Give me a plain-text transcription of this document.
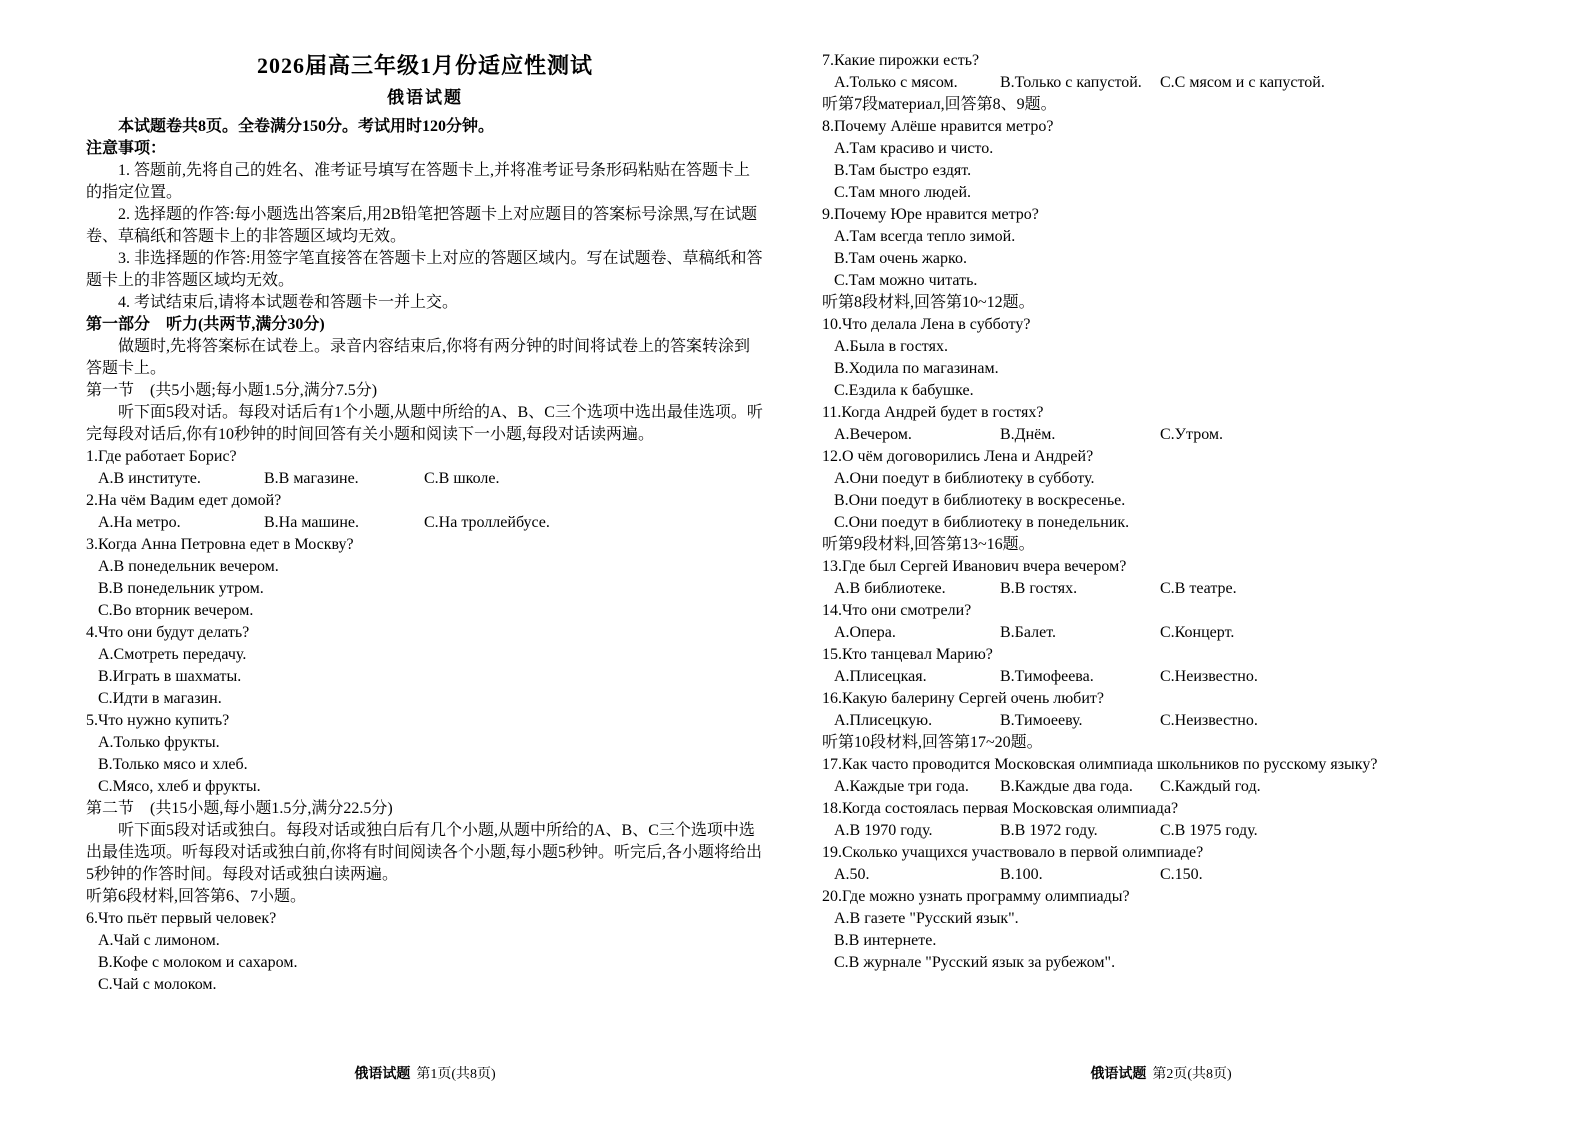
2026届高三年级1月份适应性测试
俄语试题
本试题卷共8页。全卷满分150分。考试用时120分钟。
注意事项：
1. 答题前,先将自己的姓名、准考证号填写在答题卡上,并将准考证号条形码粘贴在答题卡上的指定位置。
2. 选择题的作答:每小题选出答案后,用2B铅笔把答题卡上对应题目的答案标号涂黑,写在试题卷、草稿纸和答题卡上的非答题区域均无效。
3. 非选择题的作答:用签字笔直接答在答题卡上对应的答题区域内。写在试题卷、草稿纸和答题卡上的非答题区域均无效。
4. 考试结束后,请将本试题卷和答题卡一并上交。
第一部分　听力(共两节,满分30分)
做题时,先将答案标在试卷上。录音内容结束后,你将有两分钟的时间将试卷上的答案转涂到答题卡上。
第一节　(共5小题;每小题1.5分,满分7.5分)
听下面5段对话。每段对话后有1个小题,从题中所给的A、B、C三个选项中选出最佳选项。听完每段对话后,你有10秒钟的时间回答有关小题和阅读下一小题,每段对话读两遍。
1.Где работает Борис?
A.В институте.	B.В магазине.	C.В школе.
2.На чём Вадим едет домой?
A.На метро.	B.На машине.	C.На троллейбусе.
3.Когда Анна Петровна едет в Москву?
A.В понедельник вечером.
B.В понедельник утром.
C.Во вторник вечером.
4.Что они будут делать?
A.Смотреть передачу.
B.Играть в шахматы.
C.Идти в магазин.
5.Что нужно купить?
A.Только фрукты.
B.Только мясо и хлеб.
C.Мясо, хлеб и фрукты.
第二节　(共15小题,每小题1.5分,满分22.5分)
听下面5段对话或独白。每段对话或独白后有几个小题,从题中所给的A、B、C三个选项中选出最佳选项。听每段对话或独白前,你将有时间阅读各个小题,每小题5秒钟。听完后,各小题将给出5秒钟的作答时间。每段对话或独白读两遍。
听第6段材料,回答第6、7小题。
6.Что пьёт первый человек?
A.Чай с лимоном.
B.Кофе с молоком и сахаром.
C.Чай с молоком.
俄语试题 第1页(共8页)
7.Какие пирожки есть?
A.Только с мясом.	B.Только с капустой.	C.С мясом и с капустой.
听第7段материал,回答第8、9题。
8.Почему Алёше нравится метро?
A.Там красиво и чисто.
B.Там быстро ездят.
C.Там много людей.
9.Почему Юре нравится метро?
A.Там всегда тепло зимой.
B.Там очень жарко.
C.Там можно читать.
听第8段材料,回答第10~12题。
10.Что делала Лена в субботу?
A.Была в гостях.
B.Ходила по магазинам.
C.Ездила к бабушке.
11.Когда Андрей будет в гостях?
A.Вечером.	B.Днём.	C.Утром.
12.О чём договорились Лена и Андрей?
A.Они поедут в библиотеку в субботу.
B.Они поедут в библиотеку в воскресенье.
C.Они поедут в библиотеку в понедельник.
听第9段材料,回答第13~16题。
13.Где был Сергей Иванович вчера вечером?
A.В библиотеке.	B.В гостях.	C.В театре.
14.Что они смотрели?
A.Опера.	B.Балет.	C.Концерт.
15.Кто танцевал Марию?
A.Плисецкая.	B.Тимофеева.	C.Неизвестно.
16.Какую балерину Сергей очень любит?
A.Плисецкую.	B.Тимоееву.	C.Неизвестно.
听第10段材料,回答第17~20题。
17.Как часто проводится Московская олимпиада школьников по русскому языку?
A.Каждые три года.	B.Каждые два года.	C.Каждый год.
18.Когда состоялась первая Московская олимпиада?
A.В 1970 году.	B.В 1972 году.	C.В 1975 году.
19.Сколько учащихся участвовало в первой олимпиаде?
A.50.	B.100.	C.150.
20.Где можно узнать программу олимпиады?
A.В газете "Русский язык".
B.В интернете.
C.В журнале "Русский язык за рубежом".
俄语试题 第2页(共8页)
